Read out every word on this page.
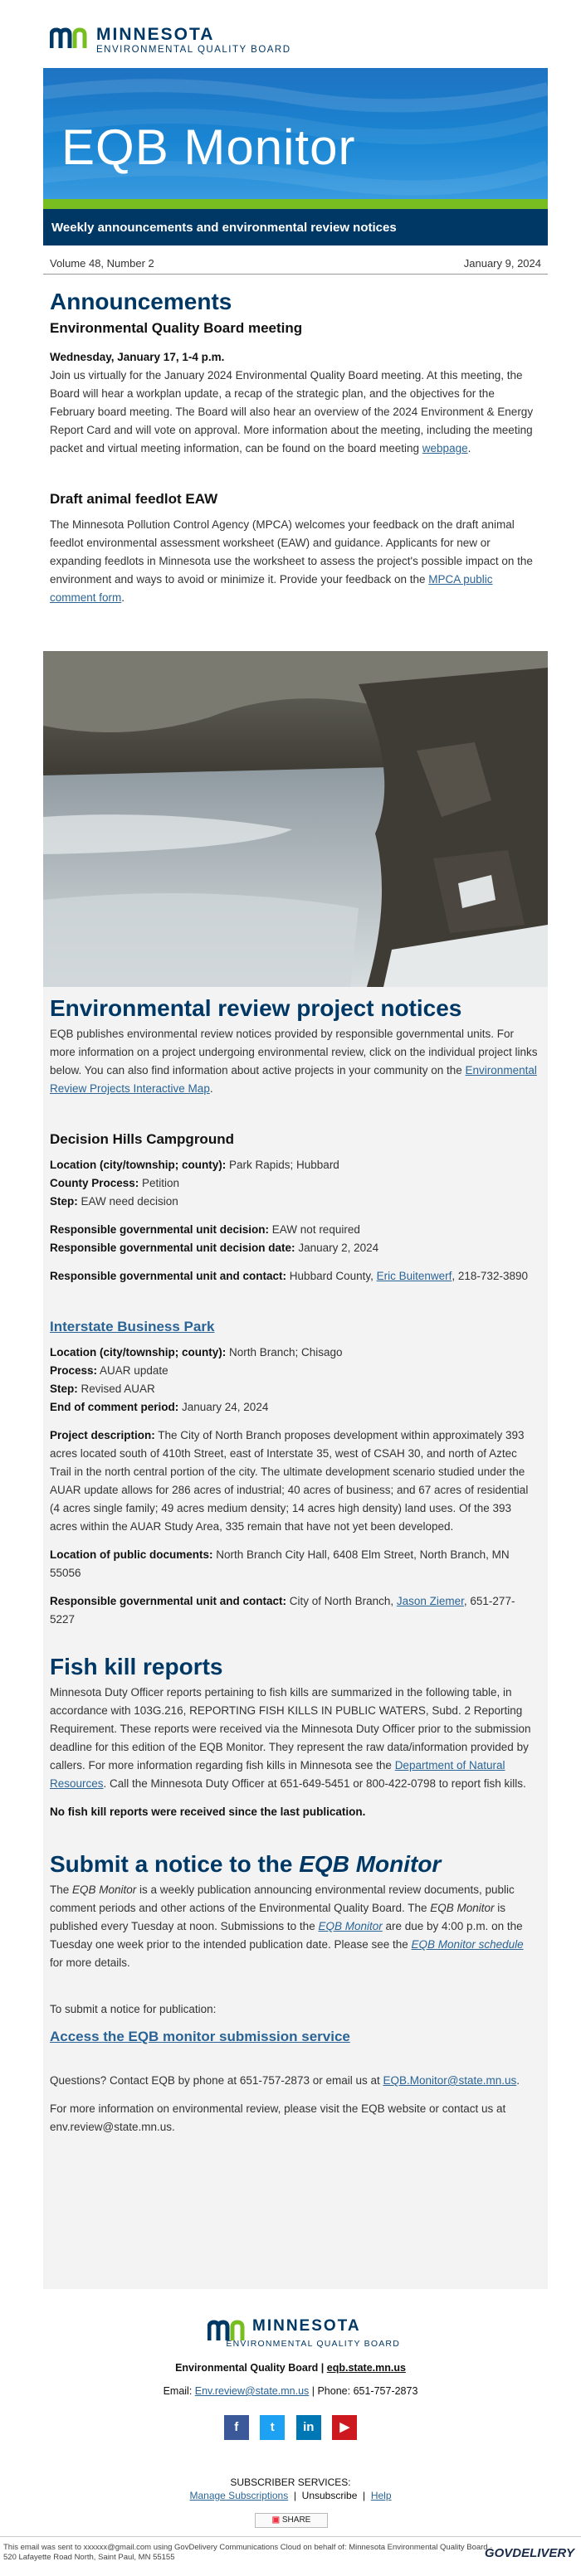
MINNESOTA
ENVIRONMENTAL QUALITY BOARD
EQB Monitor
Weekly announcements and environmental review notices
Volume 48, Number 2	January 9, 2024
Announcements
Environmental Quality Board meeting

Wednesday, January 17, 1-4 p.m.

Join us virtually for the January 2024 Environmental Quality Board meeting. At this meeting, the Board will hear a workplan update, a recap of the strategic plan, and the objectives for the February board meeting. The Board will also hear an overview of the 2024 Environment & Energy Report Card and will vote on approval. More information about the meeting, including the meeting packet and virtual meeting information, can be found on the board meeting webpage.

Draft animal feedlot EAW

The Minnesota Pollution Control Agency (MPCA) welcomes your feedback on the draft animal feedlot environmental assessment worksheet (EAW) and guidance. Applicants for new or expanding feedlots in Minnesota use the worksheet to assess the project's possible impact on the environment and ways to avoid or minimize it. Provide your feedback on the MPCA public comment form.

Environmental review project notices

EQB publishes environmental review notices provided by responsible governmental units. For more information on a project undergoing environmental review, click on the individual project links below. You can also find information about active projects in your community on the Environmental Review Projects Interactive Map.

Decision Hills Campground

Location (city/township; county): Park Rapids; Hubbard

County Process: Petition

Step: EAW need decision

Responsible governmental unit decision: EAW not required

Responsible governmental unit decision date: January 2, 2024

Responsible governmental unit and contact: Hubbard County, Eric Buitenwerf, 218-732-3890

Interstate Business Park

Location (city/township; county): North Branch; Chisago

Process: AUAR update

Step: Revised AUAR

End of comment period: January 24, 2024

Project description: The City of North Branch proposes development within approximately 393 acres located south of 410th Street, east of Interstate 35, west of CSAH 30, and north of Aztec Trail in the north central portion of the city. The ultimate development scenario studied under the AUAR update allows for 286 acres of industrial; 40 acres of business; and 67 acres of residential (4 acres single family; 49 acres medium density; 14 acres high density) land uses. Of the 393 acres within the AUAR Study Area, 335 remain that have not yet been developed.

Location of public documents: North Branch City Hall, 6408 Elm Street, North Branch, MN 55056

Responsible governmental unit and contact: City of North Branch, Jason Ziemer, 651-277-5227

Fish kill reports

Minnesota Duty Officer reports pertaining to fish kills are summarized in the following table, in accordance with 103G.216, REPORTING FISH KILLS IN PUBLIC WATERS, Subd. 2 Reporting Requirement. These reports were received via the Minnesota Duty Officer prior to the submission deadline for this edition of the EQB Monitor. They represent the raw data/information provided by callers. For more information regarding fish kills in Minnesota see the Department of Natural Resources. Call the Minnesota Duty Officer at 651-649-5451 or 800-422-0798 to report fish kills.

No fish kill reports were received since the last publication.

Submit a notice to the EQB Monitor

The EQB Monitor is a weekly publication announcing environmental review documents, public comment periods and other actions of the Environmental Quality Board. The EQB Monitor is published every Tuesday at noon. Submissions to the EQB Monitor are due by 4:00 p.m. on the Tuesday one week prior to the intended publication date. Please see the EQB Monitor schedule for more details.

To submit a notice for publication:

Access the EQB monitor submission service

Questions? Contact EQB by phone at 651-757-2873 or email us at EQB.Monitor@state.mn.us.

For more information on environmental review, please visit the EQB website or contact us at env.review@state.mn.us.

MINNESOTA
ENVIRONMENTAL QUALITY BOARD
Environmental Quality Board | eqb.state.mn.us
Email: Env.review@state.mn.us | Phone: 651-757-2873
f	t in ▶
SUBSCRIBER SERVICES:
Manage Subscriptions  |  Unsubscribe  |  Help
▣ SHARE
This email was sent to xxxxxx@gmail.com using GovDelivery Communications Cloud on behalf of: Minnesota Environmental Quality Board · 520 Lafayette Road North, Saint Paul, MN 55155	GOVDELIVERY
